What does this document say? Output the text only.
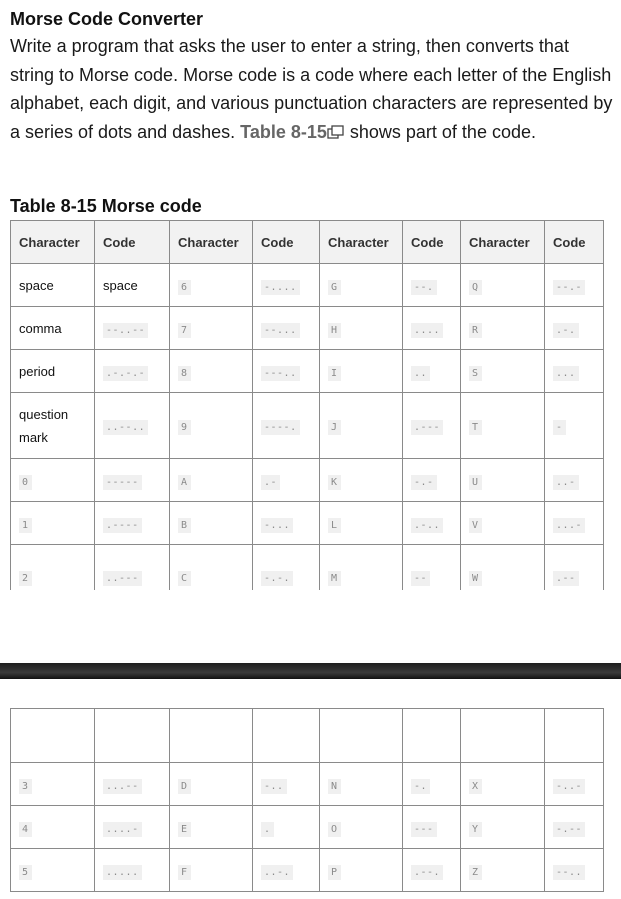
Morse Code Converter
Write a program that asks the user to enter a string, then converts that string to Morse code. Morse code is a code where each letter of the English alphabet, each digit, and various punctuation characters are represented by a series of dots and dashes. Table 8-15 shows part of the code.
Table 8-15 Morse code
Character	Code	Character	Code	Character	Code	Character	Code
space	space	6	-....	G	--.	Q	--.-
comma	--..--	7	--...	H	....	R	.-.
period	.-.-.-	8	---..	I	..	S	...
question mark	..--..	9	----.	J	.---	T	-
0	-----	A	.-	K	-.-	U	..-
1	.----	B	-...	L	.-..	V	...-
2	..---	C	-.-.	M	--	W	.--

3	...--	D	-..	N	-.	X	-..-
4	....-	E	.	O	---	Y	-.--
5	.....	F	..-.	P	.--.	Z	--..
